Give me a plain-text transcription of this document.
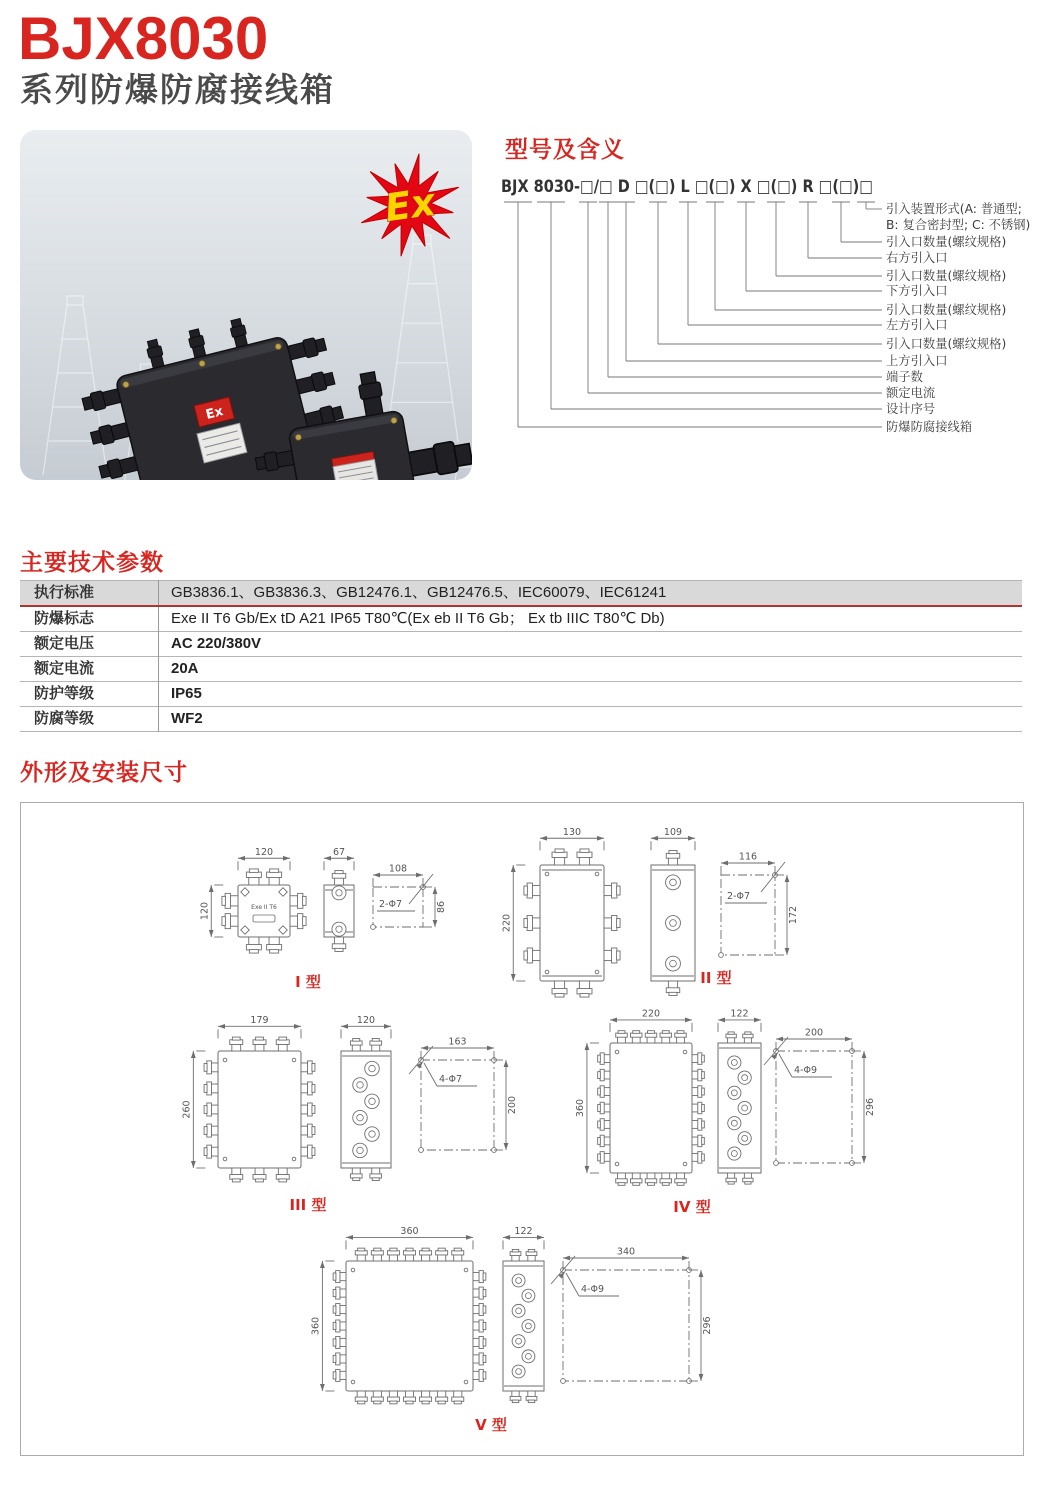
BJX8030
系列防爆防腐接线箱
Ex
Ex
型号及含义
BJX 8030-□/□ D □(□) L □(□) X □(□) R □(□)□
引入装置形式(A: 普通型;
B: 复合密封型; C: 不锈钢)
引入口数量(螺纹规格)
右方引入口
引入口数量(螺纹规格)
下方引入口
引入口数量(螺纹规格)
左方引入口
引入口数量(螺纹规格)
上方引入口
端子数
额定电流
设计序号
防爆防腐接线箱
主要技术参数
执行标准	GB3836.1、GB3836.3、GB12476.1、GB12476.5、IEC60079、IEC61241
防爆标志	Exe II T6 Gb/Ex tD A21 IP65 T80℃(Ex eb II T6 Gb； Ex tb IIIC T80℃ Db)
额定电压	AC 220/380V
额定电流	20A
防护等级	IP65
防腐等级	WF2
外形及安装尺寸
Exe II T6
120
120
67
108
86
2-Φ7
I 型
130
220
109
116
172
2-Φ7
II 型
179
260
120
163
200
4-Φ7
III 型
220
360
122
200
296
4-Φ9
IV 型
360
360
122
340
296
4-Φ9
V 型
